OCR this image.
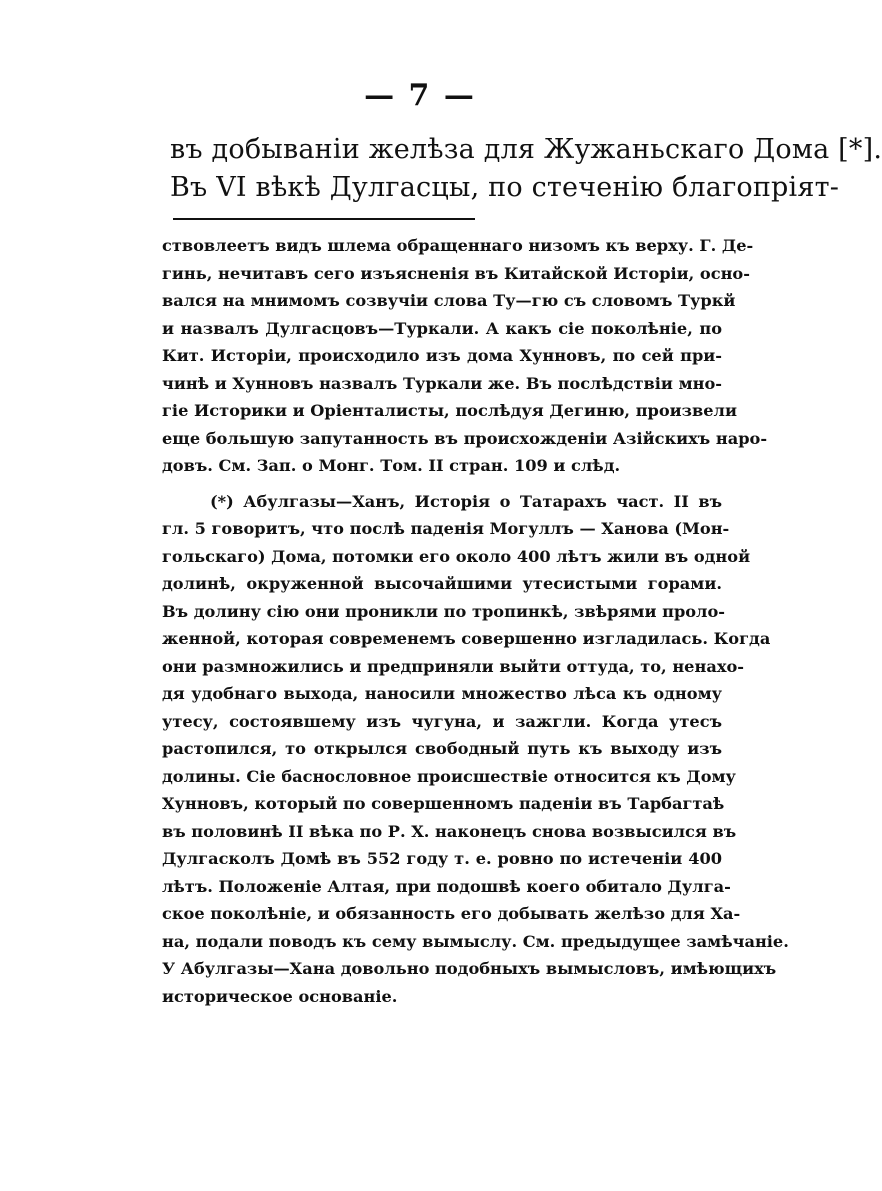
— 7 —
въ добываніи желѣза для Жужаньскаго Дома [*].
Въ VI вѣкѣ Дулгасцы, по стеченію благопріят-
ствовлеетъ видъ шлема обращеннаго низомъ къ верху. Г. Де-
гинь, нечитавъ сего изъясненія въ Китайской Исторіи, осно-
вался на мнимомъ созвучіи слова Ту—гю съ словомъ Туркй
и назвалъ Дулгасцовъ—Туркали. А какъ сіе поколѣніе, по
Кит. Исторіи, происходило изъ дома Хунновъ, по сей при-
чинѣ и Хунновъ назвалъ Туркали же. Въ послѣдствіи мно-
гіе Историки и Оріенталисты, послѣдуя Дегиню, произвели
еще большую запутанность въ происхожденіи Азійскихъ наро-
довъ. См. Зап. о Монг. Том. II стран. 109 и слѣд.
(*) Абулгазы—Ханъ, Исторія о Татарахъ част. II въ
гл. 5 говоритъ, что послѣ паденія Могуллъ — Ханова (Мон-
гольскаго) Дома, потомки его около 400 лѣтъ жили въ одной
долинѣ, окруженной высочайшими утесистыми горами.
Въ долину сію они проникли по тропинкѣ, звѣрями проло-
женной, которая современемъ совершенно изгладилась. Когда
они размножились и предприняли выйти оттуда, то, ненахо-
дя удобнаго выхода, наносили множество лѣса къ одному
утесу, состоявшему изъ чугуна, и зажгли. Когда утесъ
растопился, то открылся свободный путь къ выходу изъ
долины. Сіе баснословное происшествіе относится къ Дому
Хунновъ, который по совершенномъ паденіи въ Тарбагтаѣ
въ половинѣ II вѣка по Р. Х. наконецъ снова возвысился въ
Дулгасколъ Домѣ въ 552 году т. е. ровно по истеченіи 400
лѣтъ. Положеніе Алтая, при подошвѣ коего обитало Дулга-
ское поколѣніе, и обязанность его добывать желѣзо для Ха-
на, подали поводъ къ сему вымыслу. См. предыдущее замѣчаніе.
У Абулгазы—Хана довольно подобныхъ вымысловъ, имѣющихъ
историческое основаніе.
